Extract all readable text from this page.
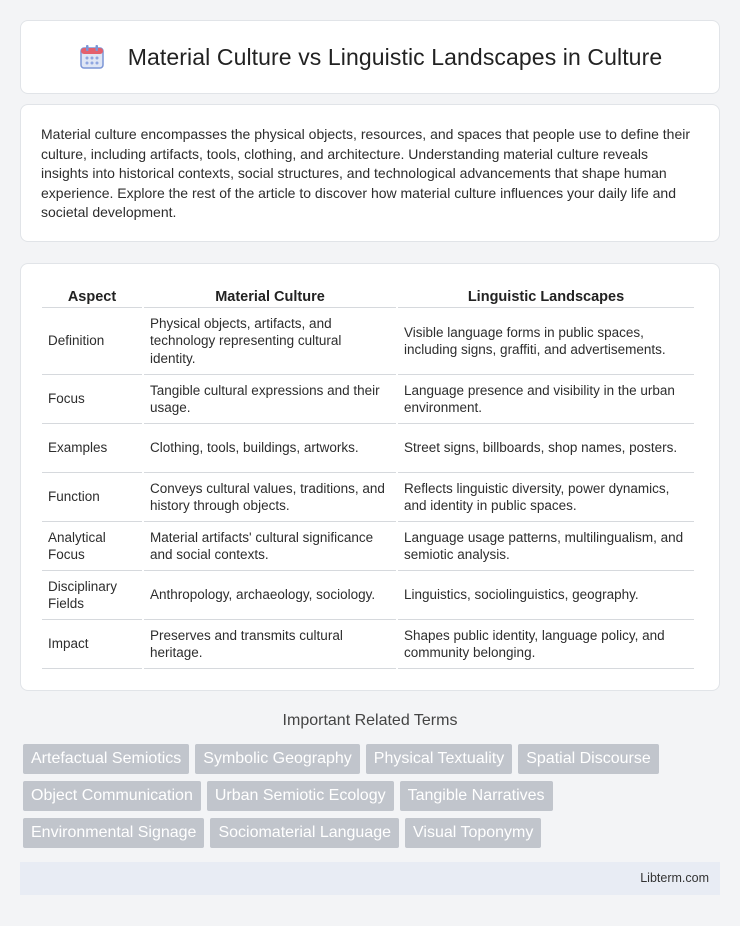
Material Culture vs Linguistic Landscapes in Culture

Material culture encompasses the physical objects, resources, and spaces that people use to define their culture, including artifacts, tools, clothing, and architecture. Understanding material culture reveals insights into historical contexts, social structures, and technological advancements that shape human experience. Explore the rest of the article to discover how material culture influences your daily life and societal development.

Aspect	Material Culture	Linguistic Landscapes
Definition	Physical objects, artifacts, and technology representing cultural identity.	Visible language forms in public spaces, including signs, graffiti, and advertisements.
Focus	Tangible cultural expressions and their usage.	Language presence and visibility in the urban environment.
Examples	Clothing, tools, buildings, artworks.	Street signs, billboards, shop names, posters.
Function	Conveys cultural values, traditions, and history through objects.	Reflects linguistic diversity, power dynamics, and identity in public spaces.
Analytical Focus	Material artifacts' cultural significance and social contexts.	Language usage patterns, multilingualism, and semiotic analysis.
Disciplinary Fields	Anthropology, archaeology, sociology.	Linguistics, sociolinguistics, geography.
Impact	Preserves and transmits cultural heritage.	Shapes public identity, language policy, and community belonging.
Important Related Terms
Artefactual Semiotics	Symbolic Geography	Physical Textuality	Spatial Discourse
Object Communication	Urban Semiotic Ecology	Tangible Narratives
Environmental Signage	Sociomaterial Language	Visual Toponymy
Libterm.com
